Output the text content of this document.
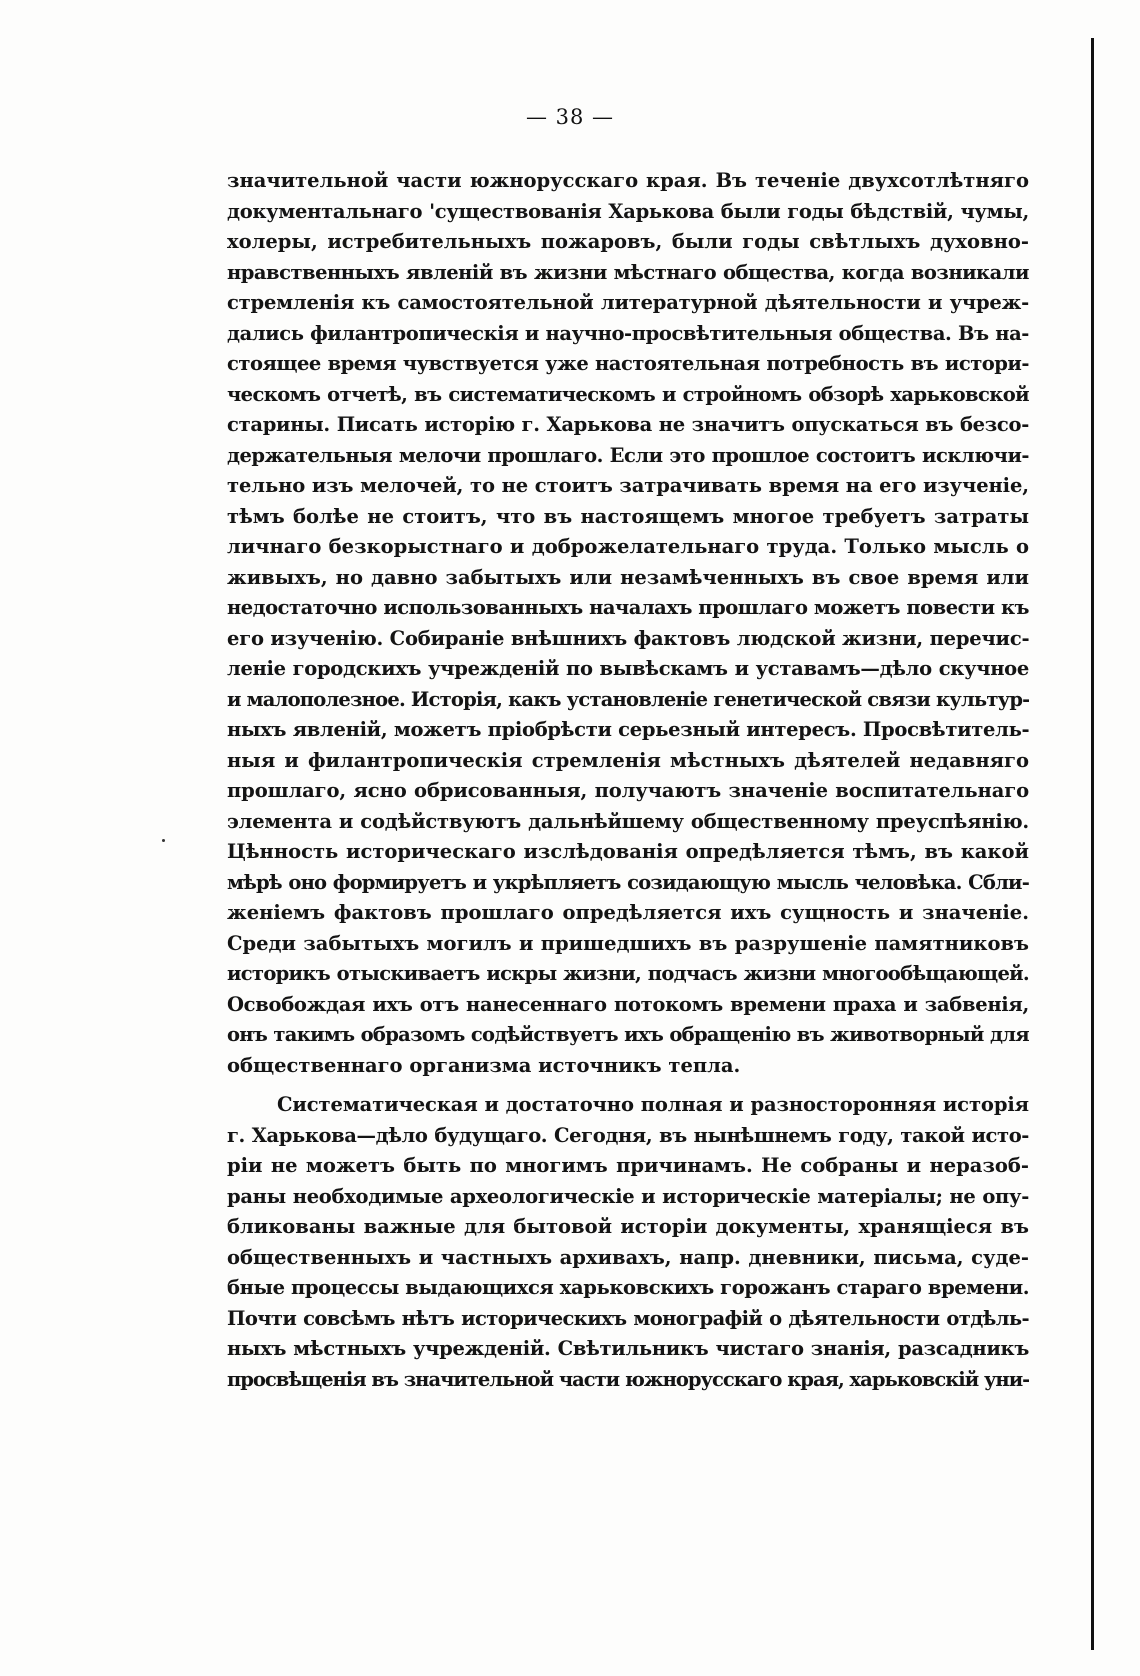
— 38 —

значительной части южнорусскаго края. Въ теченіе двухсотлѣтняго
документальнаго 'существованія Харькова были годы бѣдствій, чумы,
холеры, истребительныхъ пожаровъ, были годы свѣтлыхъ духовно-
нравственныхъ явленій въ жизни мѣстнаго общества, когда возникали
стремленія къ самостоятельной литературной дѣятельности и учреж-
дались филантропическія и научно-просвѣтительныя общества. Въ на-
стоящее время чувствуется уже настоятельная потребность въ истори-
ческомъ отчетѣ, въ систематическомъ и стройномъ обзорѣ харьковской
старины. Писать исторію г. Харькова не значитъ опускаться въ безсо-
держательныя мелочи прошлаго. Если это прошлое состоитъ исключи-
тельно изъ мелочей, то не стоитъ затрачивать время на его изученіе,
тѣмъ болѣе не стоитъ, что въ настоящемъ многое требуетъ затраты
личнаго безкорыстнаго и доброжелательнаго труда. Только мысль о
живыхъ, но давно забытыхъ или незамѣченныхъ въ свое время или
недостаточно использованныхъ началахъ прошлаго можетъ повести къ
его изученію. Собираніе внѣшнихъ фактовъ людской жизни, перечис-
леніе городскихъ учрежденій по вывѣскамъ и уставамъ—дѣло скучное
и малополезное. Исторія, какъ установленіе генетической связи культур-
ныхъ явленій, можетъ пріобрѣсти серьезный интересъ. Просвѣтитель-
ныя и филантропическія стремленія мѣстныхъ дѣятелей недавняго
прошлаго, ясно обрисованныя, получаютъ значеніе воспитательнаго
элемента и содѣйствуютъ дальнѣйшему общественному преуспѣянію.
Цѣнность историческаго изслѣдованія опредѣляется тѣмъ, въ какой
мѣрѣ оно формируетъ и укрѣпляетъ созидающую мысль человѣка. Сбли-
женіемъ фактовъ прошлаго опредѣляется ихъ сущность и значеніе.
Среди забытыхъ могилъ и пришедшихъ въ разрушеніе памятниковъ
историкъ отыскиваетъ искры жизни, подчасъ жизни многообѣщающей.
Освобождая ихъ отъ нанесеннаго потокомъ времени праха и забвенія,
онъ такимъ образомъ содѣйствуетъ ихъ обращенію въ животворный для
общественнаго организма источникъ тепла.
Систематическая и достаточно полная и разносторонняя исторія
г. Харькова—дѣло будущаго. Сегодня, въ нынѣшнемъ году, такой исто-
ріи не можетъ быть по многимъ причинамъ. Не собраны и неразоб-
раны необходимые археологическіе и историческіе матеріалы; не опу-
бликованы важные для бытовой исторіи документы, хранящіеся въ
общественныхъ и частныхъ архивахъ, напр. дневники, письма, суде-
бные процессы выдающихся харьковскихъ горожанъ стараго времени.
Почти совсѣмъ нѣтъ историческихъ монографій о дѣятельности отдѣль-
ныхъ мѣстныхъ учрежденій. Свѣтильникъ чистаго знанія, разсадникъ
просвѣщенія въ значительной части южнорусскаго края, харьковскій уни-
